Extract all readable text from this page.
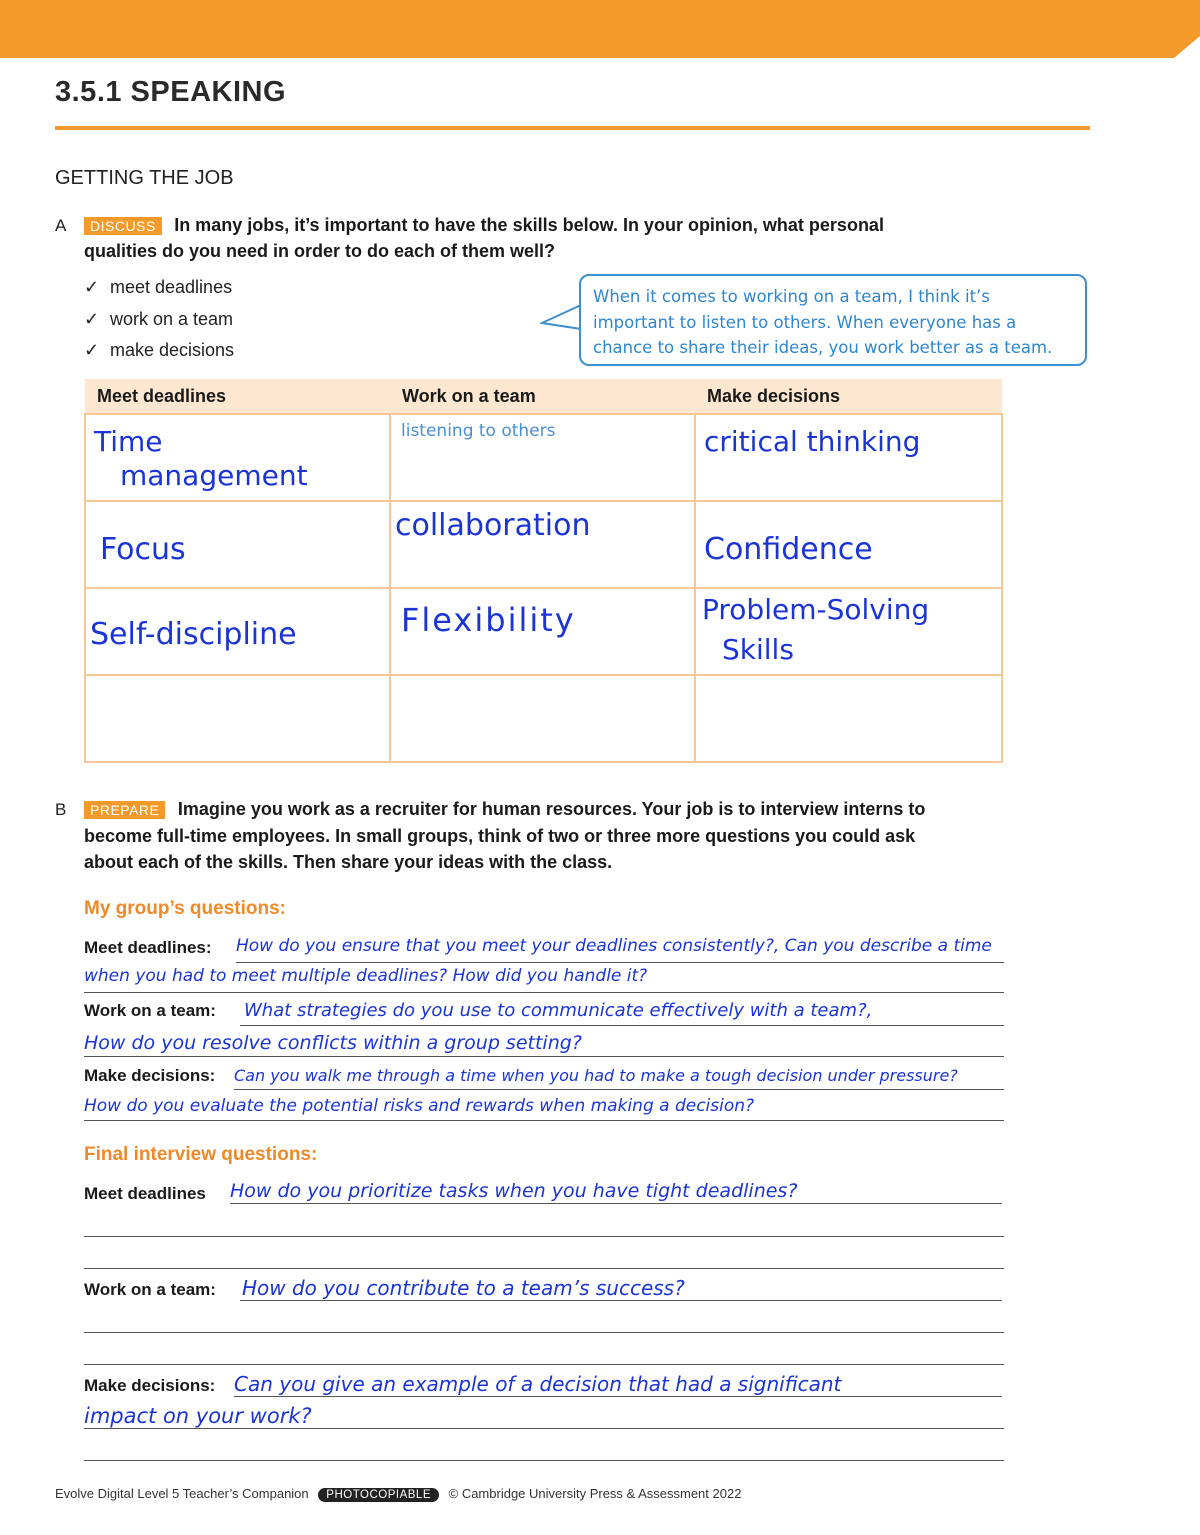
3.5.1 SPEAKING
GETTING THE JOB
A	DISCUSS In many jobs, it’s important to have the skills below. In your opinion, what personal
qualities do you need in order to do each of them well?
✓ meet deadlines
✓ work on a team
✓ make decisions
When it comes to working on a team, I think it’s
important to listen to others. When everyone has a
chance to share their ideas, you work better as a team.
Meet deadlines	Work on a team	Make decisions

Time
management	listening to others	critical thinking

Focus	collaboration	Confidence

Self-discipline	Flexibility	Problem-Solving
Skills

B	PREPARE Imagine you work as a recruiter for human resources. Your job is to interview interns to
become full-time employees. In small groups, think of two or three more questions you could ask
about each of the skills. Then share your ideas with the class.
My group’s questions:
Meet deadlines: How do you ensure that you meet your deadlines consistently?, Can you describe a time
when you had to meet multiple deadlines? How did you handle it?
Work on a team: What strategies do you use to communicate effectively with a team?,
How do you resolve conflicts within a group setting?
Make decisions: Can you walk me through a time when you had to make a tough decision under pressure?
How do you evaluate the potential risks and rewards when making a decision?
Final interview questions:
Meet deadlines How do you prioritize tasks when you have tight deadlines?
Work on a team: How do you contribute to a team’s success?
Make decisions: Can you give an example of a decision that had a significant
impact on your work?
Evolve Digital Level 5 Teacher’s Companion PHOTOCOPIABLE © Cambridge University Press & Assessment 2022
